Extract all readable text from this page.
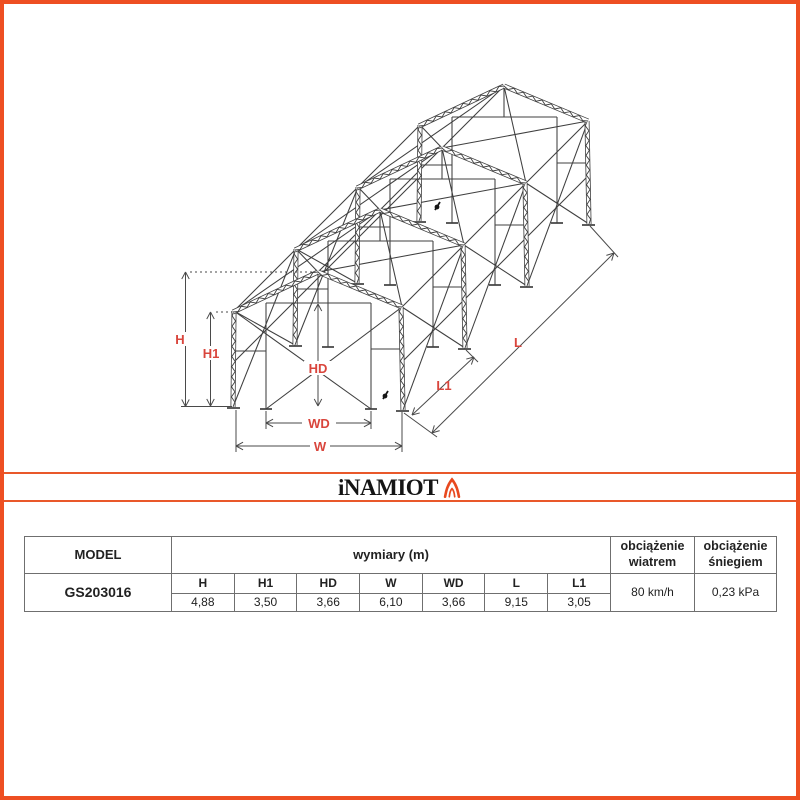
H
H1
HD
WD
W
L1
L
iNAMIOT
MODEL	wymiary (m)							obciążenie wiatrem	obciążenie śniegiem
GS203016	H	H1	HD	W	WD	L	L1	80 km/h	0,23 kPa
	4,88	3,50	3,66	6,10	3,66	9,15	3,05		
